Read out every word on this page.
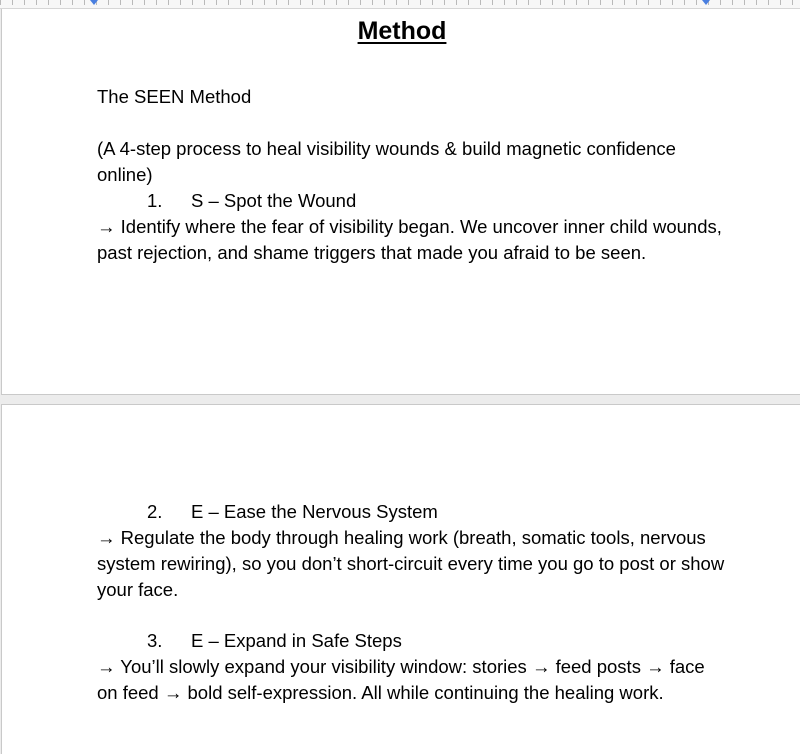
Method

The SEEN Method

(A 4-step process to heal visibility wounds & build magnetic confidence online)

1. S – Spot the Wound

→ Identify where the fear of visibility began. We uncover inner child wounds, past rejection, and shame triggers that made you afraid to be seen.

2. E – Ease the Nervous System

→ Regulate the body through healing work (breath, somatic tools, nervous system rewiring), so you don’t short-circuit every time you go to post or show your face.

3. E – Expand in Safe Steps

→ You’ll slowly expand your visibility window: stories → feed posts → face on feed → bold self-expression. All while continuing the healing work.
